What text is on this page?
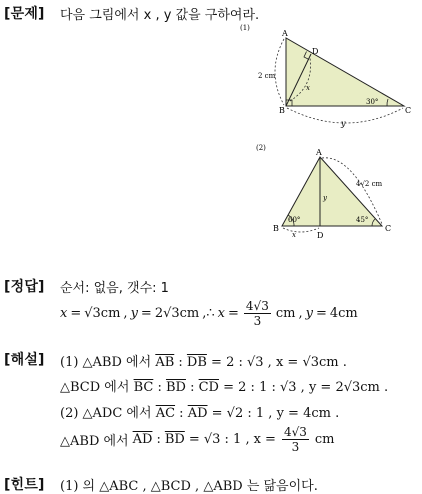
[문제] 다음 그림에서 x , y 값을 구하여라.
(1)
A
B	C
D
2 cm
x
y
30°
(2)	A
B	C
D
4√2 cm
x
y
60°	45°
[정답] 순서: 없음, 갯수: 1
x = √3cm , y = 2√3cm ,∴ $x = \frac{4√3}{3}$ cm , y = 4cm
[해설] (1) △ABD 에서 $\overline{AB}$ : $\overline{DB} = 2$ : √3 , x = √3cm .
△BCD 에서 $\overline{BC}$ : $\overline{BD}$ : $\overline{CD} = 2$ : 1 : √3 , y = 2√3cm .
(2) △ADC 에서 $\overline{AC}$ : $\overline{AD} = √2$ : 1 , y = 4cm .
△ABD 에서 $\overline{AD}$ : $\overline{BD} = √3$ : 1 , $x = \frac{4√3}{3}$ cm
[힌트] (1) 의 △ABC , △BCD , △ABD 는 닮음이다.
